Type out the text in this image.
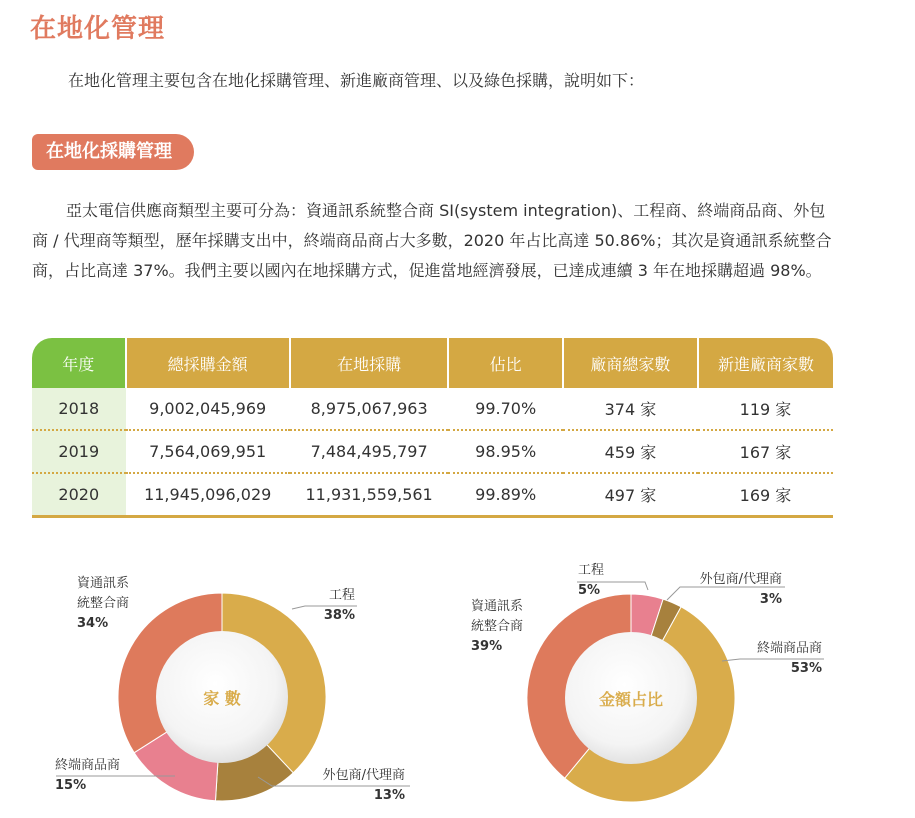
在地化管理
在地化管理主要包含在地化採購管理、新進廠商管理、以及綠色採購，說明如下：
在地化採購管理

亞太電信供應商類型主要可分為：資通訊系統整合商 SI(system integration)、工程商、終端商品商、外包商 / 代理商等類型，歷年採購支出中，終端商品商占大多數，2020 年占比高達 50.86%；其次是資通訊系統整合商，占比高達 37%。我們主要以國內在地採購方式，促進當地經濟發展，已達成連續 3 年在地採購超過 98%。

年度	總採購金額	在地採購	佔比	廠商總家數	新進廠商家數
2018	9,002,045,969	8,975,067,963	99.70%	374 家	119 家
2019	7,564,069,951	7,484,495,797	98.95%	459 家	167 家
2020	11,945,096,029	11,931,559,561	99.89%	497 家	169 家
家 數	金額占比
資通訊系
統整合商
34%
工程
38%
外包商/代理商
13%
終端商品商
15%
工程
5%
外包商/代理商
3%
終端商品商
53%
資通訊系
統整合商
39%
